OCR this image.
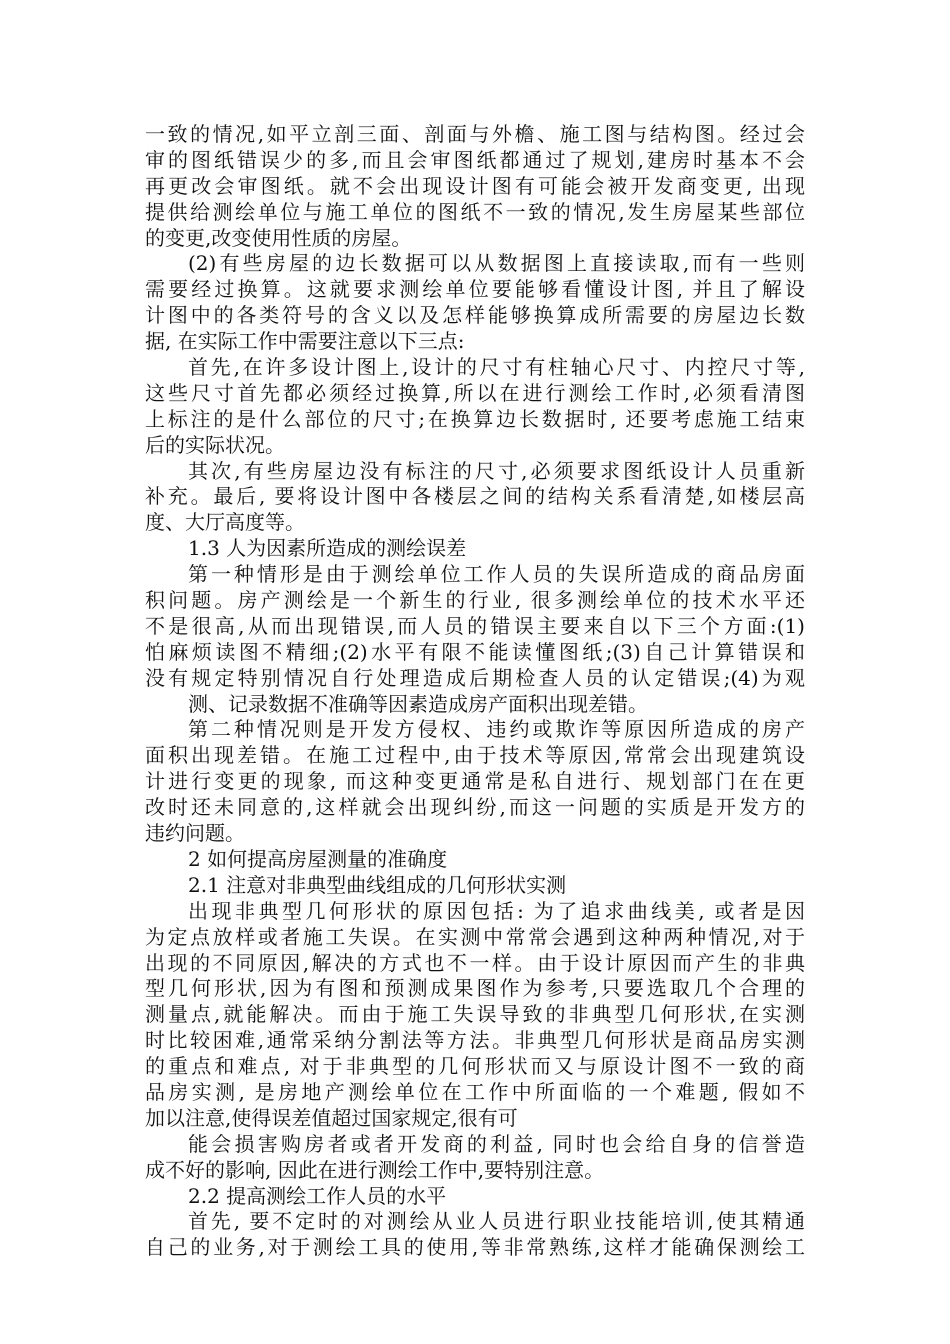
一致的情况,如平立剖三面、剖面与外檐、施工图与结构图。经过会
审的图纸错误少的多,而且会审图纸都通过了规划,建房时基本不会
再更改会审图纸。就不会出现设计图有可能会被开发商变更, 出现
提供给测绘单位与施工单位的图纸不一致的情况,发生房屋某些部位
的变更,改变使用性质的房屋。
(2)有些房屋的边长数据可以从数据图上直接读取,而有一些则
需要经过换算。这就要求测绘单位要能够看懂设计图, 并且了解设
计图中的各类符号的含义以及怎样能够换算成所需要的房屋边长数
据, 在实际工作中需要注意以下三点:
首先,在许多设计图上,设计的尺寸有柱轴心尺寸、内控尺寸等,
这些尺寸首先都必须经过换算,所以在进行测绘工作时,必须看清图
上标注的是什么部位的尺寸;在换算边长数据时, 还要考虑施工结束
后的实际状况。
其次,有些房屋边没有标注的尺寸,必须要求图纸设计人员重新
补充。最后, 要将设计图中各楼层之间的结构关系看清楚,如楼层高
度、大厅高度等。
1.3 人为因素所造成的测绘误差
第一种情形是由于测绘单位工作人员的失误所造成的商品房面
积问题。房产测绘是一个新生的行业, 很多测绘单位的技术水平还
不是很高,从而出现错误,而人员的错误主要来自以下三个方面:(1)
怕麻烦读图不精细;(2)水平有限不能读懂图纸;(3)自己计算错误和
没有规定特别情况自行处理造成后期检查人员的认定错误;(4)为观
测、记录数据不准确等因素造成房产面积出现差错。
第二种情况则是开发方侵权、违约或欺诈等原因所造成的房产
面积出现差错。在施工过程中,由于技术等原因,常常会出现建筑设
计进行变更的现象, 而这种变更通常是私自进行、规划部门在在更
改时还未同意的,这样就会出现纠纷,而这一问题的实质是开发方的
违约问题。
2 如何提高房屋测量的准确度
2.1 注意对非典型曲线组成的几何形状实测
出现非典型几何形状的原因包括: 为了追求曲线美, 或者是因
为定点放样或者施工失误。在实测中常常会遇到这种两种情况,对于
出现的不同原因,解决的方式也不一样。由于设计原因而产生的非典
型几何形状,因为有图和预测成果图作为参考,只要选取几个合理的
测量点,就能解决。而由于施工失误导致的非典型几何形状,在实测
时比较困难,通常采纳分割法等方法。非典型几何形状是商品房实测
的重点和难点, 对于非典型的几何形状而又与原设计图不一致的商
品房实测, 是房地产测绘单位在工作中所面临的一个难题, 假如不
加以注意,使得误差值超过国家规定,很有可
能会损害购房者或者开发商的利益, 同时也会给自身的信誉造
成不好的影响, 因此在进行测绘工作中,要特别注意。
2.2 提高测绘工作人员的水平
首先, 要不定时的对测绘从业人员进行职业技能培训,使其精通
自己的业务,对于测绘工具的使用,等非常熟练,这样才能确保测绘工
